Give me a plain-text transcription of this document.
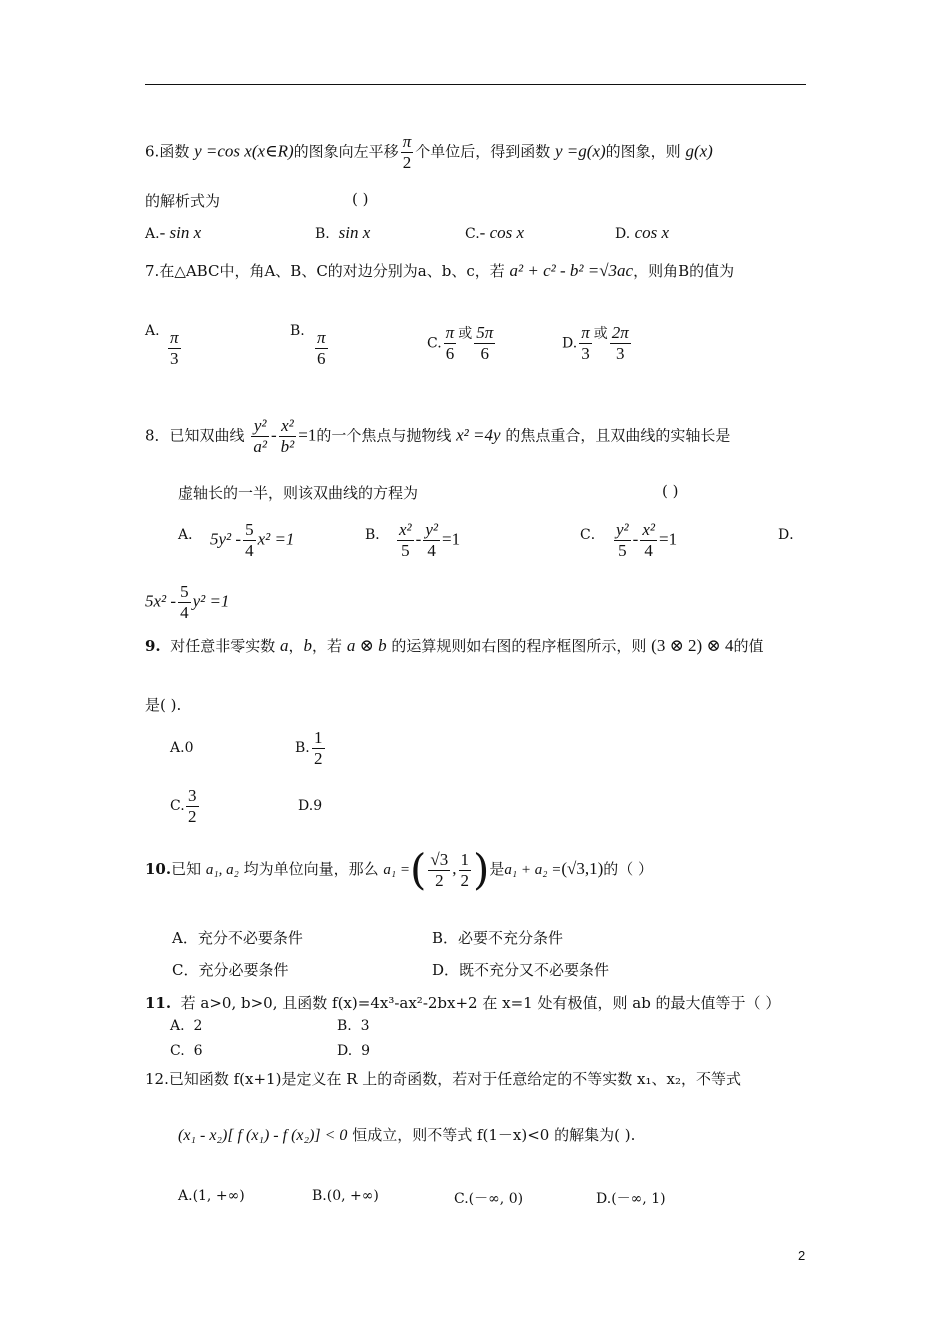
6.函数 y =cos x(x∈R)的图象向左平移 $\frac{\pi}{2}$ 个单位后，得到函数 y =g(x)的图象，则 g(x)
的解析式为	( )
A.- sin x	B. sin x	C.- cos x	D. cos x
7.在△ABC中，角A、B、C的对边分别为a、b、c，若 a² + c² - b² =√3ac，则角B的值为
A. $\frac{\pi}{3}$	B. $\frac{\pi}{6}$	C. $\frac{\pi}{6}$ 或 $\frac{5\pi}{6}$	D. $\frac{\pi}{3}$ 或 $\frac{2\pi}{3}$
8．已知双曲线 $\frac{\text{y²}}{\text{a²}} - \frac{\text{x²}}{\text{b²}} =1$的一个焦点与抛物线 x² =4y 的焦点重合，且双曲线的实轴长是
虚轴长的一半，则该双曲线的方程为	( )
A． $5y^2 - \frac{5}{4} x^2 =1$	B． $\frac{\text{x²}}{5} - \frac{\text{y²}}{4} =1$	C． $\frac{\text{y²}}{5} - \frac{\text{x²}}{4} =1$	D．
$5x^2 - \frac{5}{4} y^2 =1$
9. 对任意非零实数 a，b，若 a ⊗ b 的运算规则如右图的程序框图所示，则 (3 ⊗ 2) ⊗ 4的值
是( ).
A.0	B. $\frac{1}{2}$
C. $\frac{3}{2}$	D.9
10.已知 a₁, a₂ 均为单位向量，那么 a₁ =( $\frac{√3}{2}$ , $\frac{1}{2}$ )是a₁ + a₂ =(√3,1)的（ ）
A．充分不必要条件	B．必要不充分条件
C．充分必要条件	D．既不充分又不必要条件
11. 若 a>0, b>0, 且函数 f(x)=4x³-ax²-2bx+2 在 x=1 处有极值，则 ab 的最大值等于（ ）
A. 2	B. 3
C. 6	D. 9
12.已知函数 f(x+1)是定义在 R 上的奇函数，若对于任意给定的不等实数 x₁、x₂，不等式
(x₁ - x₂)[ f (x₁) - f (x₂)] < 0 恒成立，则不等式 f(1－x)<0 的解集为( ).
A.(1, +∞)	B.(0, +∞)	C.(－∞, 0)	D.(－∞, 1)
2
